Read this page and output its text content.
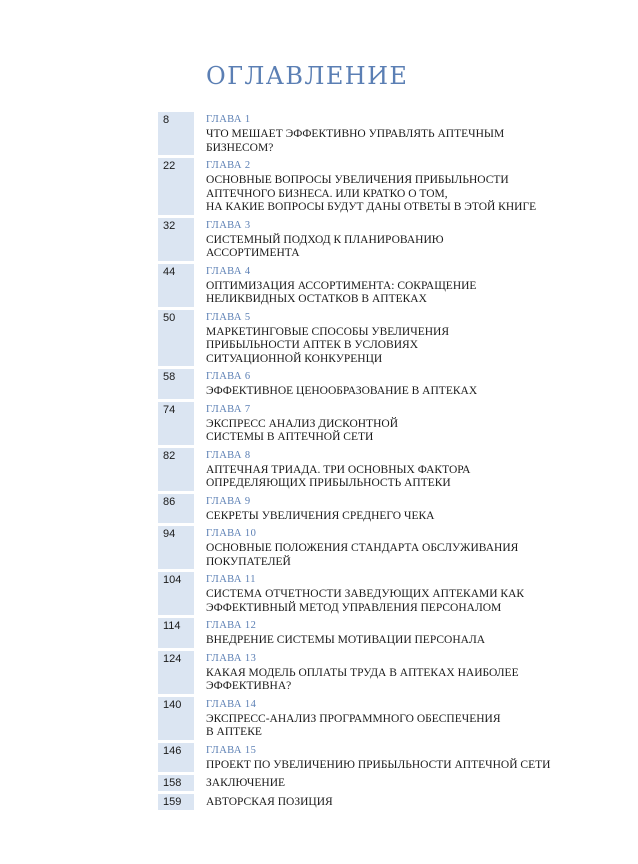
ОГЛАВЛЕНИЕ
8	ГЛАВА 1
ЧТО МЕШАЕТ ЭФФЕКТИВНО УПРАВЛЯТЬ АПТЕЧНЫМ
БИЗНЕСОМ?
22	ГЛАВА 2
ОСНОВНЫЕ ВОПРОСЫ УВЕЛИЧЕНИЯ ПРИБЫЛЬНОСТИ
АПТЕЧНОГО БИЗНЕСА. ИЛИ КРАТКО О ТОМ,
НА КАКИЕ ВОПРОСЫ БУДУТ ДАНЫ ОТВЕТЫ В ЭТОЙ КНИГЕ
32	ГЛАВА 3
СИСТЕМНЫЙ ПОДХОД К ПЛАНИРОВАНИЮ
АССОРТИМЕНТА
44	ГЛАВА 4
ОПТИМИЗАЦИЯ АССОРТИМЕНТА: СОКРАЩЕНИЕ
НЕЛИКВИДНЫХ ОСТАТКОВ В АПТЕКАХ
50	ГЛАВА 5
МАРКЕТИНГОВЫЕ СПОСОБЫ УВЕЛИЧЕНИЯ
ПРИБЫЛЬНОСТИ АПТЕК В УСЛОВИЯХ
СИТУАЦИОННОЙ КОНКУРЕНЦИ
58	ГЛАВА 6
ЭФФЕКТИВНОЕ ЦЕНООБРАЗОВАНИЕ В АПТЕКАХ
74	ГЛАВА 7
ЭКСПРЕСС АНАЛИЗ ДИСКОНТНОЙ
СИСТЕМЫ В АПТЕЧНОЙ СЕТИ
82	ГЛАВА 8
АПТЕЧНАЯ ТРИАДА. ТРИ ОСНОВНЫХ ФАКТОРА
ОПРЕДЕЛЯЮЩИХ ПРИБЫЛЬНОСТЬ АПТЕКИ
86	ГЛАВА 9
СЕКРЕТЫ УВЕЛИЧЕНИЯ СРЕДНЕГО ЧЕКА
94	ГЛАВА 10
ОСНОВНЫЕ ПОЛОЖЕНИЯ СТАНДАРТА ОБСЛУЖИВАНИЯ
ПОКУПАТЕЛЕЙ
104	ГЛАВА 11
СИСТЕМА ОТЧЕТНОСТИ ЗАВЕДУЮЩИХ АПТЕКАМИ КАК
ЭФФЕКТИВНЫЙ МЕТОД УПРАВЛЕНИЯ ПЕРСОНАЛОМ
114	ГЛАВА 12
ВНЕДРЕНИЕ СИСТЕМЫ МОТИВАЦИИ ПЕРСОНАЛА
124	ГЛАВА 13
КАКАЯ МОДЕЛЬ ОПЛАТЫ ТРУДА В АПТЕКАХ НАИБОЛЕЕ
ЭФФЕКТИВНА?
140	ГЛАВА 14
ЭКСПРЕСС-АНАЛИЗ ПРОГРАММНОГО ОБЕСПЕЧЕНИЯ
В АПТЕКЕ
146	ГЛАВА 15
ПРОЕКТ ПО УВЕЛИЧЕНИЮ ПРИБЫЛЬНОСТИ АПТЕЧНОЙ СЕТИ
158	ЗАКЛЮЧЕНИЕ
159	АВТОРСКАЯ ПОЗИЦИЯ
